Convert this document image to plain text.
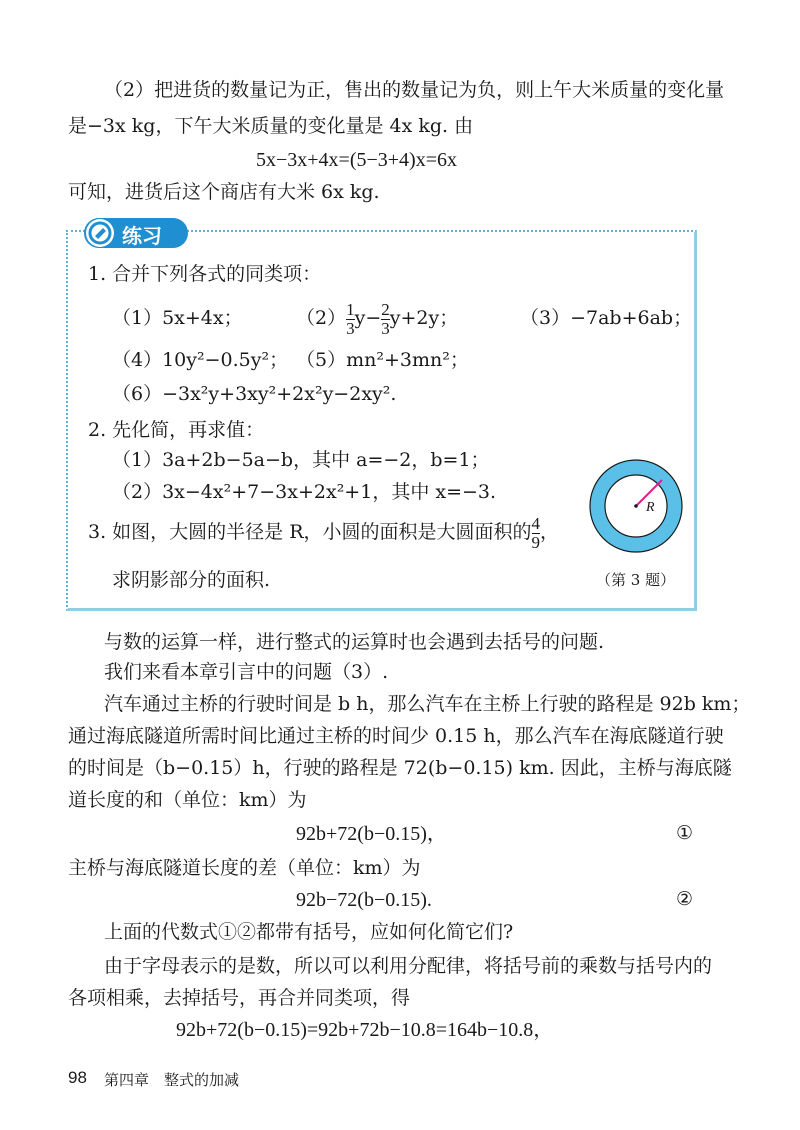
（2）把进货的数量记为正，售出的数量记为负，则上午大米质量的变化量
是−3x kg，下午大米质量的变化量是 4x kg. 由
5x−3x+4x=(5−3+4)x=6x
可知，进货后这个商店有大米 6x kg.
练习
1. 合并下列各式的同类项：
（1）5x+4x；	$(2) \frac{1}{3} y- \frac{2}{3} y+2y$；	（3）−7ab+6ab；
（4）10y²−0.5y²； （5）mn²+3mn²；
（6）−3x²y+3xy²+2x²y−2xy².
2. 先化简，再求值：
（1）3a+2b−5a−b，其中 a=−2，b=1；
（2）3x−4x²+7−3x+2x²+1，其中 x=−3.
3. 如图，大圆的半径是 R，小圆的面积是大圆面积的 $\frac{4}{9}$ ，
求阴影部分的面积.
R
（第 3 题）
与数的运算一样，进行整式的运算时也会遇到去括号的问题.
我们来看本章引言中的问题（3）.
汽车通过主桥的行驶时间是 b h，那么汽车在主桥上行驶的路程是 92b km；
通过海底隧道所需时间比通过主桥的时间少 0.15 h，那么汽车在海底隧道行驶
的时间是（b−0.15）h，行驶的路程是 72(b−0.15) km. 因此，主桥与海底隧
道长度的和（单位：km）为
92b+72(b−0.15)，	①
主桥与海底隧道长度的差（单位：km）为
92b−72(b−0.15).	②
上面的代数式①②都带有括号，应如何化简它们?
由于字母表示的是数，所以可以利用分配律，将括号前的乘数与括号内的
各项相乘，去掉括号，再合并同类项，得
92b+72(b−0.15)=92b+72b−10.8=164b−10.8，
98 第四章　整式的加减
